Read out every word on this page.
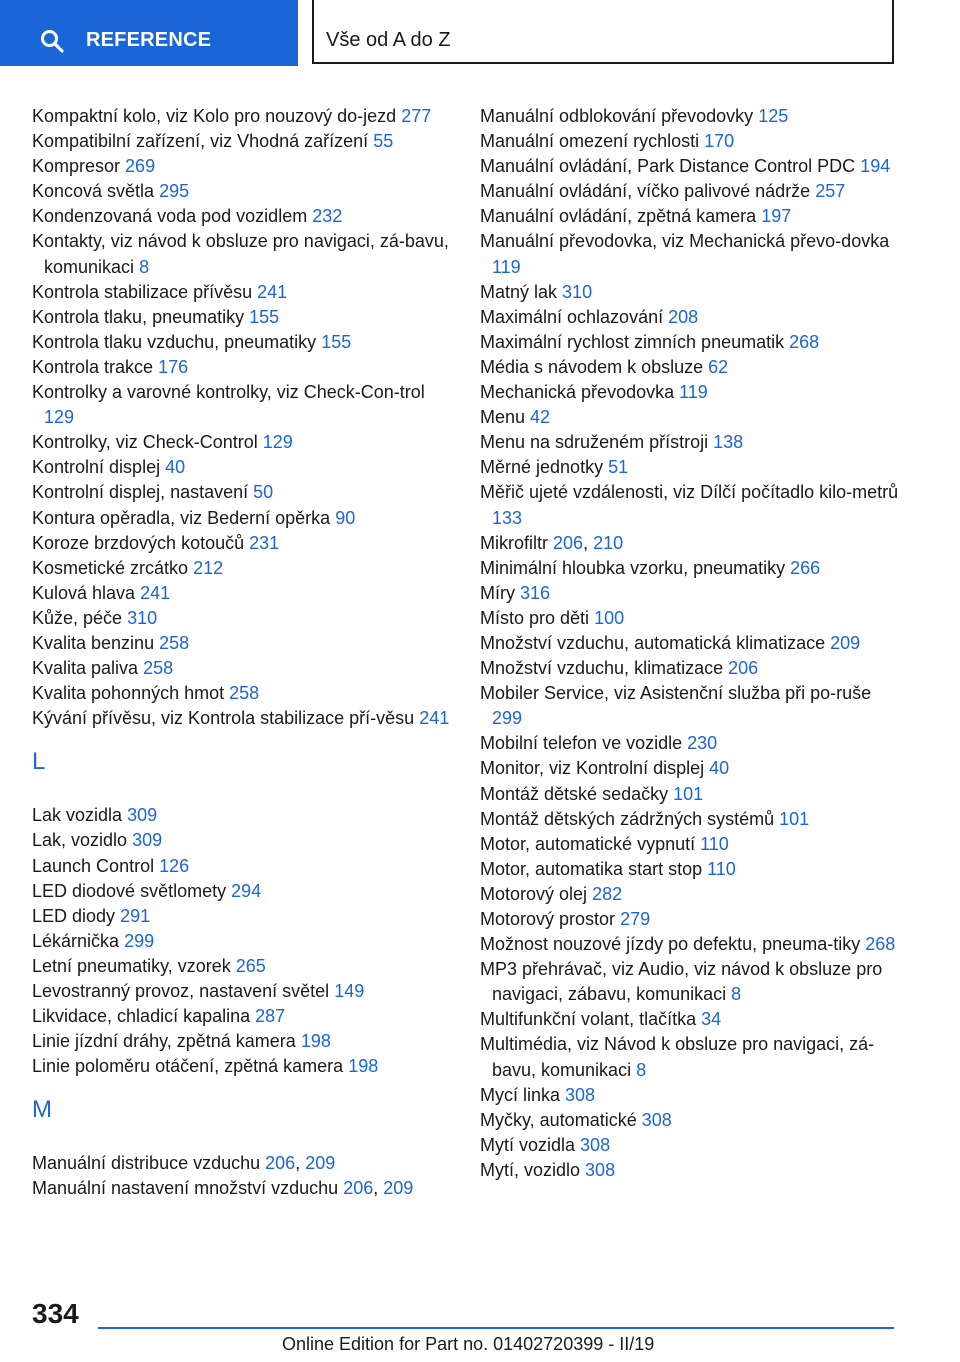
REFERENCE	Vše od A do Z
Kompaktní kolo, viz Kolo pro nouzový do-jezd 277
Kompatibilní zařízení, viz Vhodná zařízení 55
Kompresor 269
Koncová světla 295
Kondenzovaná voda pod vozidlem 232
Kontakty, viz návod k obsluze pro navigaci, zá-bavu, komunikaci 8
Kontrola stabilizace přívěsu 241
Kontrola tlaku, pneumatiky 155
Kontrola tlaku vzduchu, pneumatiky 155
Kontrola trakce 176
Kontrolky a varovné kontrolky, viz Check-Con-trol 129
Kontrolky, viz Check-Control 129
Kontrolní displej 40
Kontrolní displej, nastavení 50
Kontura opěradla, viz Bederní opěrka 90
Koroze brzdových kotoučů 231
Kosmetické zrcátko 212
Kulová hlava 241
Kůže, péče 310
Kvalita benzinu 258
Kvalita paliva 258
Kvalita pohonných hmot 258
Kývání přívěsu, viz Kontrola stabilizace pří-věsu 241
L
Lak vozidla 309
Lak, vozidlo 309
Launch Control 126
LED diodové světlomety 294
LED diody 291
Lékárnička 299
Letní pneumatiky, vzorek 265
Levostranný provoz, nastavení světel 149
Likvidace, chladicí kapalina 287
Linie jízdní dráhy, zpětná kamera 198
Linie poloměru otáčení, zpětná kamera 198
M
Manuální distribuce vzduchu 206, 209
Manuální nastavení množství vzduchu 206, 209
Manuální odblokování převodovky 125
Manuální omezení rychlosti 170
Manuální ovládání, Park Distance Control PDC 194
Manuální ovládání, víčko palivové nádrže 257
Manuální ovládání, zpětná kamera 197
Manuální převodovka, viz Mechanická převo-dovka 119
Matný lak 310
Maximální ochlazování 208
Maximální rychlost zimních pneumatik 268
Média s návodem k obsluze 62
Mechanická převodovka 119
Menu 42
Menu na sdruženém přístroji 138
Měrné jednotky 51
Měřič ujeté vzdálenosti, viz Dílčí počítadlo kilo-metrů 133
Mikrofiltr 206, 210
Minimální hloubka vzorku, pneumatiky 266
Míry 316
Místo pro děti 100
Množství vzduchu, automatická klimatizace 209
Množství vzduchu, klimatizace 206
Mobiler Service, viz Asistenční služba při po-ruše 299
Mobilní telefon ve vozidle 230
Monitor, viz Kontrolní displej 40
Montáž dětské sedačky 101
Montáž dětských zádržných systémů 101
Motor, automatické vypnutí 110
Motor, automatika start stop 110
Motorový olej 282
Motorový prostor 279
Možnost nouzové jízdy po defektu, pneuma-tiky 268
MP3 přehrávač, viz Audio, viz návod k obsluze pro navigaci, zábavu, komunikaci 8
Multifunkční volant, tlačítka 34
Multimédia, viz Návod k obsluze pro navigaci, zá-bavu, komunikaci 8
Mycí linka 308
Myčky, automatické 308
Mytí vozidla 308
Mytí, vozidlo 308
334
Online Edition for Part no. 01402720399 - II/19
